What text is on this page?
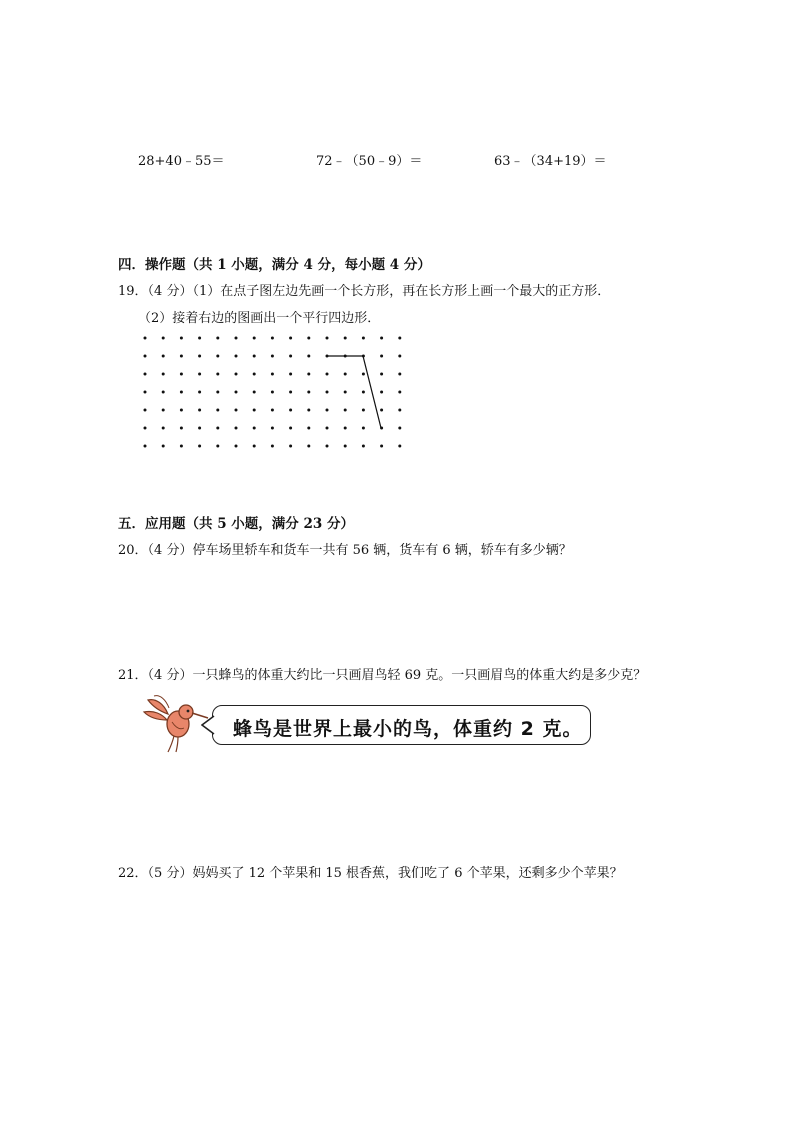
28+40﹣55＝	72﹣（50﹣9）＝	63﹣（34+19）＝
四．操作题（共 1 小题，满分 4 分，每小题 4 分）
19．（4 分）（1）在点子图左边先画一个长方形，再在长方形上画一个最大的正方形．
（2）接着右边的图画出一个平行四边形．
五．应用题（共 5 小题，满分 23 分）
20．（4 分）停车场里轿车和货车一共有 56 辆，货车有 6 辆，轿车有多少辆？
21．（4 分）一只蜂鸟的体重大约比一只画眉鸟轻 69 克。一只画眉鸟的体重大约是多少克？
蜂鸟是世界上最小的鸟，体重约 2 克。
22．（5 分）妈妈买了 12 个苹果和 15 根香蕉，我们吃了 6 个苹果，还剩多少个苹果？
